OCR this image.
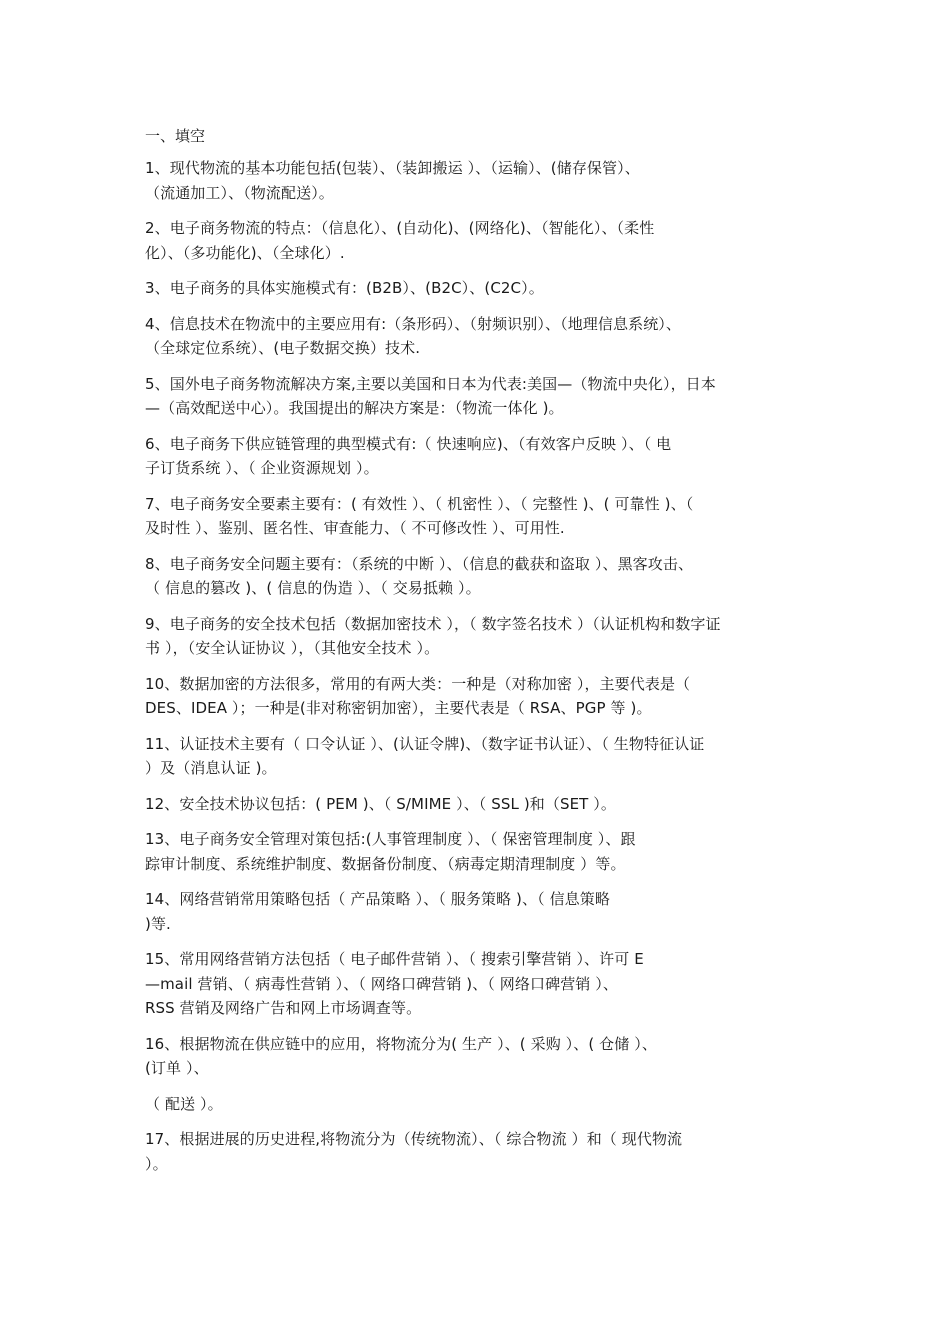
一、填空
1、现代物流的基本功能包括(包装）、（装卸搬运 ）、（运输）、(储存保管）、
（流通加工）、（物流配送）。
2、电子商务物流的特点：（信息化）、(自动化)、(网络化)、（智能化）、（柔性
化）、（多功能化)、（全球化）.
3、电子商务的具体实施模式有：(B2B）、(B2C）、(C2C）。
4、信息技术在物流中的主要应用有:（条形码）、（射频识别）、（地理信息系统）、
（全球定位系统）、(电子数据交换）技术.
5、国外电子商务物流解决方案,主要以美国和日本为代表:美国—（物流中央化），日本
—（高效配送中心）。我国提出的解决方案是：（物流一体化 )。
6、电子商务下供应链管理的典型模式有:（ 快速响应)、（有效客户反映 ）、（ 电
子订货系统 ）、（ 企业资源规划 ）。
7、电子商务安全要素主要有：( 有效性 ）、（ 机密性 ）、（ 完整性 )、( 可靠性 )、（
及时性 ）、鉴别、匿名性、审查能力、（ 不可修改性 ）、可用性.
8、电子商务安全问题主要有：（系统的中断 ）、（信息的截获和盗取 ）、黑客攻击、
（ 信息的篡改 )、( 信息的伪造 ）、（ 交易抵赖 ）。
9、电子商务的安全技术包括（数据加密技术 ），（ 数字签名技术 ）（认证机构和数字证
书 ），（安全认证协议 ），（其他安全技术 ）。
10、数据加密的方法很多，常用的有两大类：一种是（对称加密 ），主要代表是（
DES、IDEA ）；一种是(非对称密钥加密），主要代表是（ RSA、PGP 等 )。
11、认证技术主要有（ 口令认证 ）、(认证令牌)、（数字证书认证）、（ 生物特征认证
）及（消息认证 )。
12、安全技术协议包括：( PEM )、（ S/MIME ）、（ SSL )和（SET ）。
13、电子商务安全管理对策包括:(人事管理制度 ）、（ 保密管理制度 ）、跟
踪审计制度、系统维护制度、数据备份制度、（病毒定期清理制度 ）等。
14、网络营销常用策略包括（ 产品策略 ）、（ 服务策略 )、（ 信息策略
)等.
15、常用网络营销方法包括（ 电子邮件营销 ）、（ 搜索引擎营销 ）、许可 E
—mail 营销、（ 病毒性营销 ）、（ 网络口碑营销 )、（ 网络口碑营销 ）、
RSS 营销及网络广告和网上市场调查等。
16、根据物流在供应链中的应用，将物流分为( 生产 ）、( 采购 ）、( 仓储 ）、
(订单 ）、
（ 配送 ）。
17、根据进展的历史进程,将物流分为（传统物流）、（ 综合物流 ）和（ 现代物流
）。
